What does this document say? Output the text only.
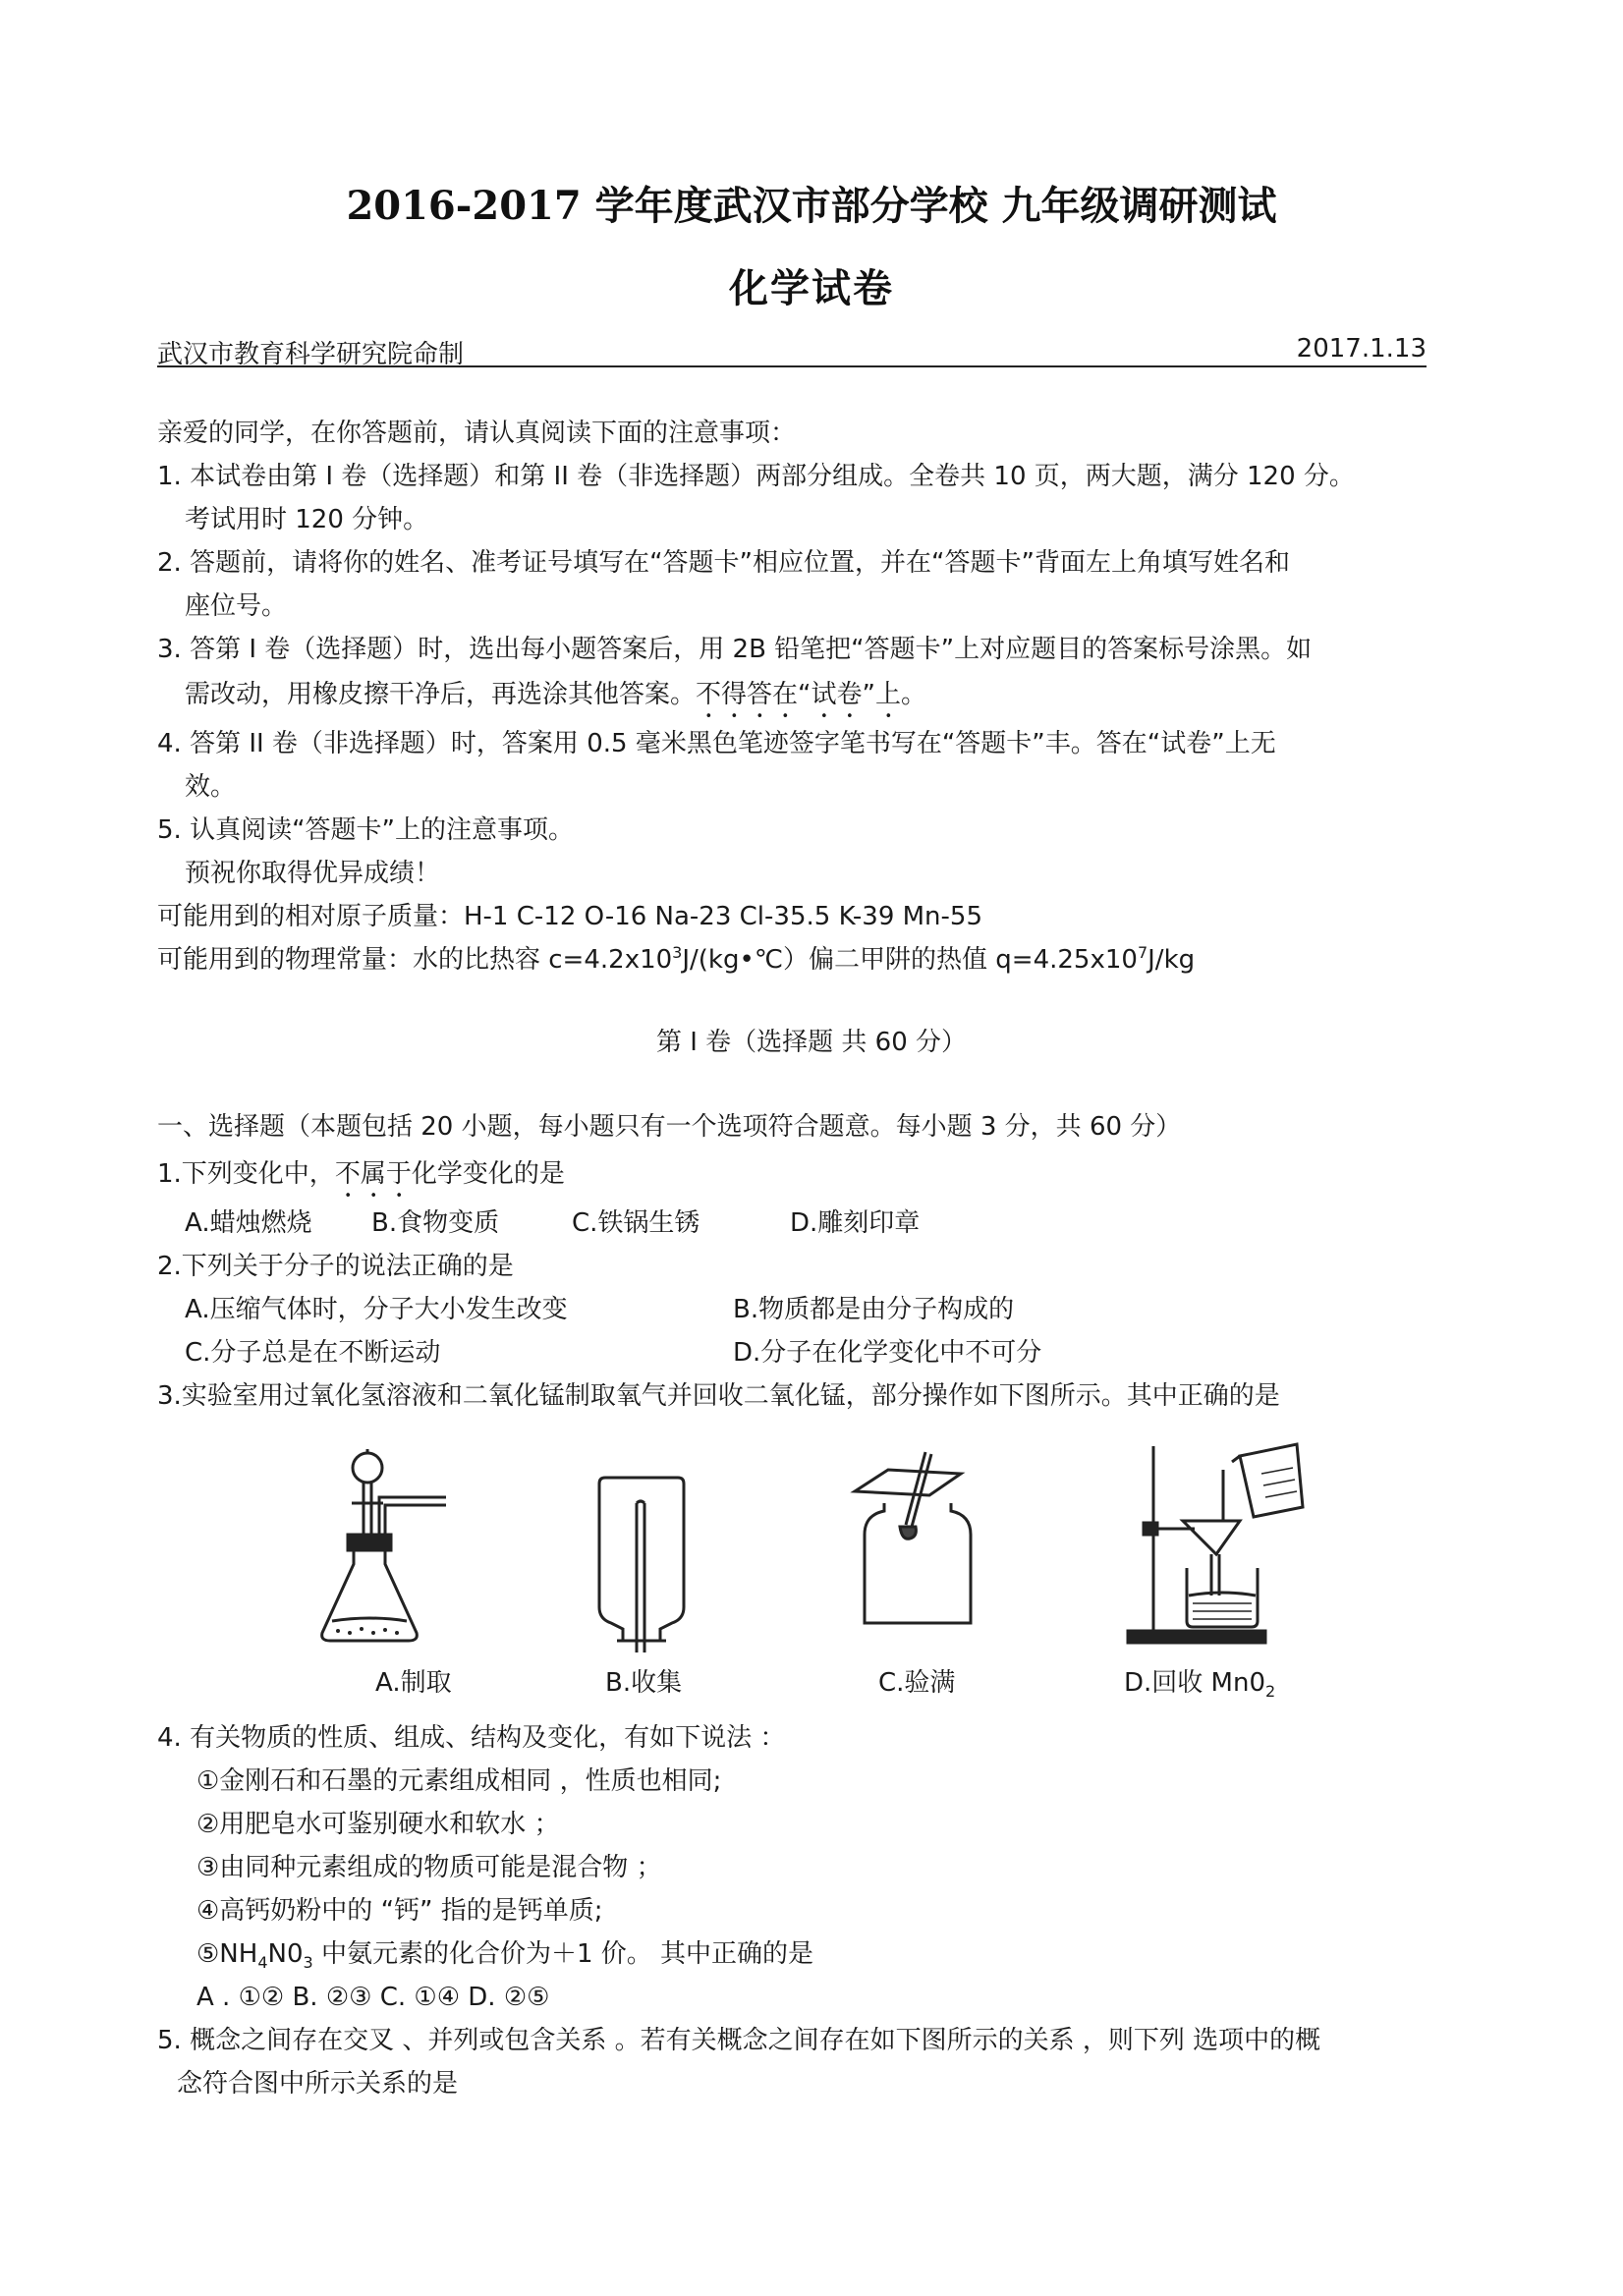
2016-2017 学年度武汉市部分学校 九年级调研测试
化学试卷
武汉市教育科学研究院命制	2017.1.13
亲爱的同学，在你答题前，请认真阅读下面的注意事项：
1. 本试卷由第 I 卷（选择题）和第 II 卷（非选择题）两部分组成。全卷共 10 页，两大题，满分 120 分。
考试用时 120 分钟。
2. 答题前，请将你的姓名、准考证号填写在“答题卡”相应位置，并在“答题卡”背面左上角填写姓名和
座位号。
3. 答第 I 卷（选择题）时，选出每小题答案后，用 2B 铅笔把“答题卡”上对应题目的答案标号涂黑。如
需改动，用橡皮擦干净后，再选涂其他答案。不得答在“试卷”上。
4. 答第 II 卷（非选择题）时，答案用 0.5 毫米黑色笔迹签字笔书写在“答题卡”丰。答在“试卷”上无
效。
5. 认真阅读“答题卡”上的注意事项。
预祝你取得优异成绩！
可能用到的相对原子质量：H-1 C-12 O-16 Na-23 Cl-35.5 K-39 Mn-55
可能用到的物理常量：水的比热容 $c=4.2x10^3J/(kg•℃)$偏二甲阱的热值 $q=4.25x10^7J/kg$
第 I 卷（选择题 共 60 分）
一、选择题（本题包括 20 小题，每小题只有一个选项符合题意。每小题 3 分，共 60 分）
1.下列变化中，不属于化学变化的是
A.蜡烛燃烧 B.食物变质	C.铁锅生锈	D.雕刻印章
2.下列关于分子的说法正确的是
A.压缩气体时，分子大小发生改变	B.物质都是由分子构成的
C.分子总是在不断运动	D.分子在化学变化中不可分
3.实验室用过氧化氢溶液和二氧化锰制取氧气并回收二氧化锰，部分操作如下图所示。其中正确的是
A.制取	B.收集	C.验满	D.回收 $Mn0_2$
4. 有关物质的性质、组成、结构及变化，有如下说法 ：
①金刚石和石墨的元素组成相同 ，性质也相同;
②用肥皂水可鉴别硬水和软水 ；
③由同种元素组成的物质可能是混合物 ；
④高钙奶粉中的 “钙” 指的是钙单质;
$⑤NH_4N0_3$ 中氨元素的化合价为＋1 价。 其中正确的是
A . ①② B. ②③ C. ①④ D. ②⑤
5. 概念之间存在交叉 、并列或包含关系 。若有关概念之间存在如下图所示的关系 ，则下列 选项中的概
念符合图中所示关系的是
